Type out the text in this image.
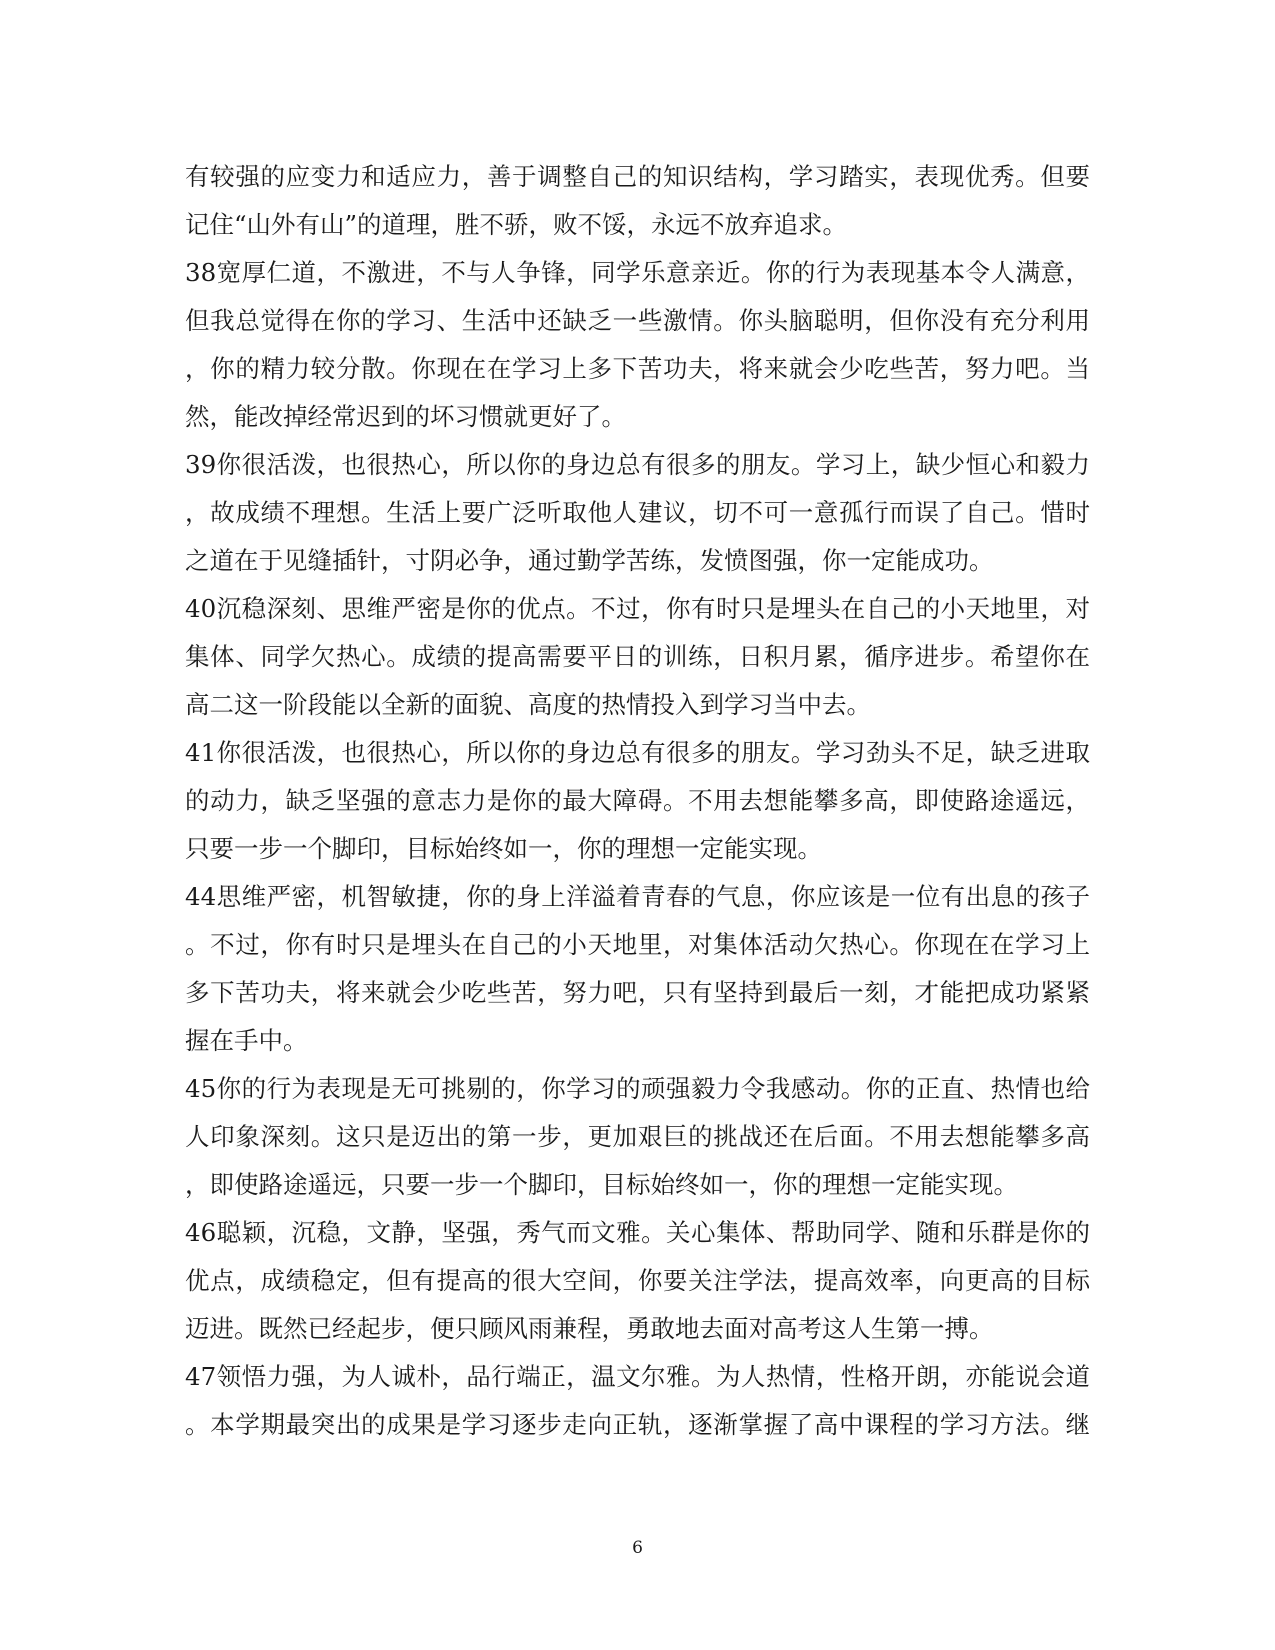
有较强的应变力和适应力，善于调整自己的知识结构，学习踏实，表现优秀。但要
记住“山外有山”的道理，胜不骄，败不馁，永远不放弃追求。
38宽厚仁道，不激进，不与人争锋，同学乐意亲近。你的行为表现基本令人满意，
但我总觉得在你的学习、生活中还缺乏一些激情。你头脑聪明，但你没有充分利用
，你的精力较分散。你现在在学习上多下苦功夫，将来就会少吃些苦，努力吧。当
然，能改掉经常迟到的坏习惯就更好了。
39你很活泼，也很热心，所以你的身边总有很多的朋友。学习上，缺少恒心和毅力
，故成绩不理想。生活上要广泛听取他人建议，切不可一意孤行而误了自己。惜时
之道在于见缝插针，寸阴必争，通过勤学苦练，发愤图强，你一定能成功。
40沉稳深刻、思维严密是你的优点。不过，你有时只是埋头在自己的小天地里，对
集体、同学欠热心。成绩的提高需要平日的训练，日积月累，循序进步。希望你在
高二这一阶段能以全新的面貌、高度的热情投入到学习当中去。
41你很活泼，也很热心，所以你的身边总有很多的朋友。学习劲头不足，缺乏进取
的动力，缺乏坚强的意志力是你的最大障碍。不用去想能攀多高，即使路途遥远，
只要一步一个脚印，目标始终如一，你的理想一定能实现。
44思维严密，机智敏捷，你的身上洋溢着青春的气息，你应该是一位有出息的孩子
。不过，你有时只是埋头在自己的小天地里，对集体活动欠热心。你现在在学习上
多下苦功夫，将来就会少吃些苦，努力吧，只有坚持到最后一刻，才能把成功紧紧
握在手中。
45你的行为表现是无可挑剔的，你学习的顽强毅力令我感动。你的正直、热情也给
人印象深刻。这只是迈出的第一步，更加艰巨的挑战还在后面。不用去想能攀多高
，即使路途遥远，只要一步一个脚印，目标始终如一，你的理想一定能实现。
46聪颖，沉稳，文静，坚强，秀气而文雅。关心集体、帮助同学、随和乐群是你的
优点，成绩稳定，但有提高的很大空间，你要关注学法，提高效率，向更高的目标
迈进。既然已经起步，便只顾风雨兼程，勇敢地去面对高考这人生第一搏。
47领悟力强，为人诚朴，品行端正，温文尔雅。为人热情，性格开朗，亦能说会道
。本学期最突出的成果是学习逐步走向正轨，逐渐掌握了高中课程的学习方法。继
6
